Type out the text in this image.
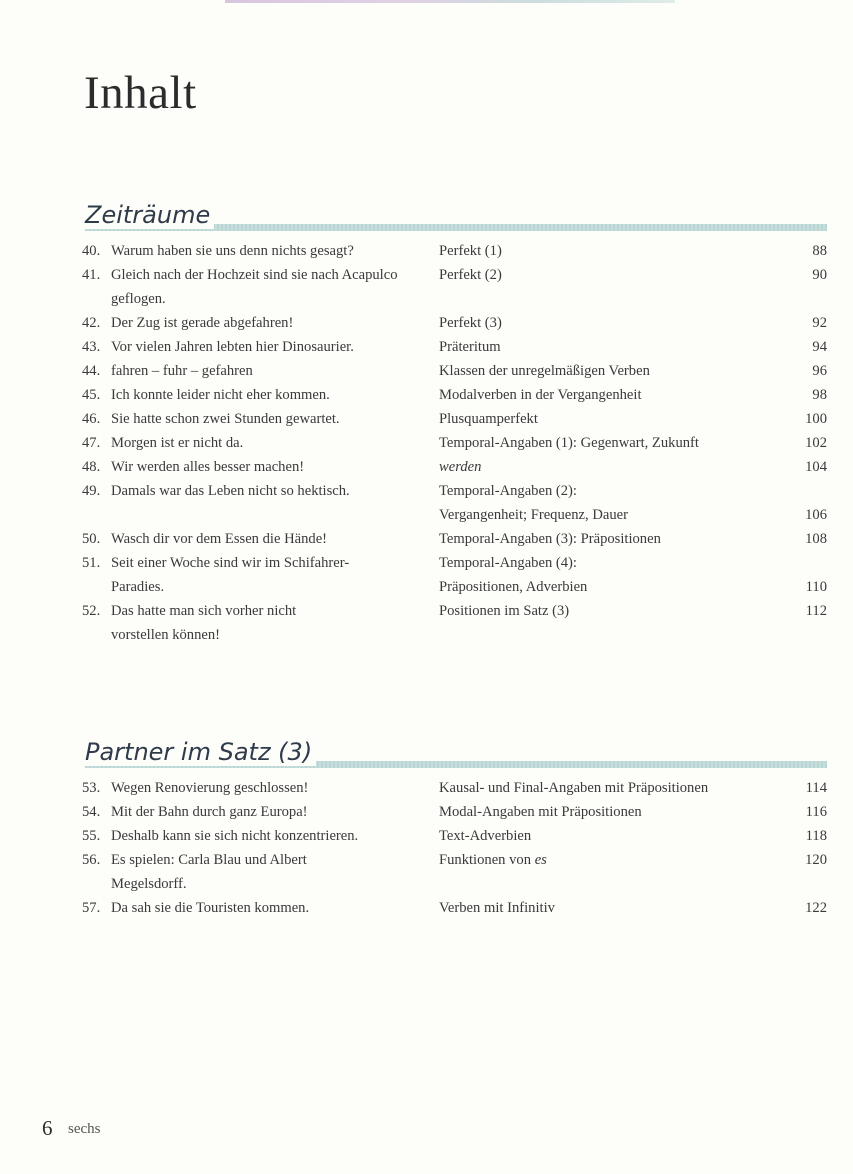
Inhalt
Zeiträume
40. Warum haben sie uns denn nichts gesagt?	Perfekt (1)	88
41. Gleich nach der Hochzeit sind sie nach Acapulco geflogen.
Perfekt (2)	90
42. Der Zug ist gerade abgefahren!	Perfekt (3)	92
43. Vor vielen Jahren lebten hier Dinosaurier.	Präteritum	94
44. fahren – fuhr – gefahren	Klassen der unregelmäßigen Verben	96
45. Ich konnte leider nicht eher kommen.	Modalverben in der Vergangenheit	98
46. Sie hatte schon zwei Stunden gewartet.	Plusquamperfekt	100
47. Morgen ist er nicht da.	Temporal-Angaben (1): Gegenwart, Zukunft	102
48. Wir werden alles besser machen!	werden	104
49. Damals war das Leben nicht so hektisch.	Temporal-Angaben (2):
Vergangenheit; Frequenz, Dauer	106
50. Wasch dir vor dem Essen die Hände!	Temporal-Angaben (3): Präpositionen	108
51. Seit einer Woche sind wir im Schifahrer-
Paradies.
Temporal-Angaben (4):
Präpositionen, Adverbien	110
52. Das hatte man sich vorher nicht
vorstellen können!
Positionen im Satz (3)	112
Partner im Satz (3)
53. Wegen Renovierung geschlossen!	Kausal- und Final-Angaben mit Präpositionen	114
54. Mit der Bahn durch ganz Europa!	Modal-Angaben mit Präpositionen	116
55. Deshalb kann sie sich nicht konzentrieren.	Text-Adverbien	118
56. Es spielen: Carla Blau und Albert
Megelsdorff.
Funktionen von es	120
57. Da sah sie die Touristen kommen.	Verben mit Infinitiv	122
6 sechs
